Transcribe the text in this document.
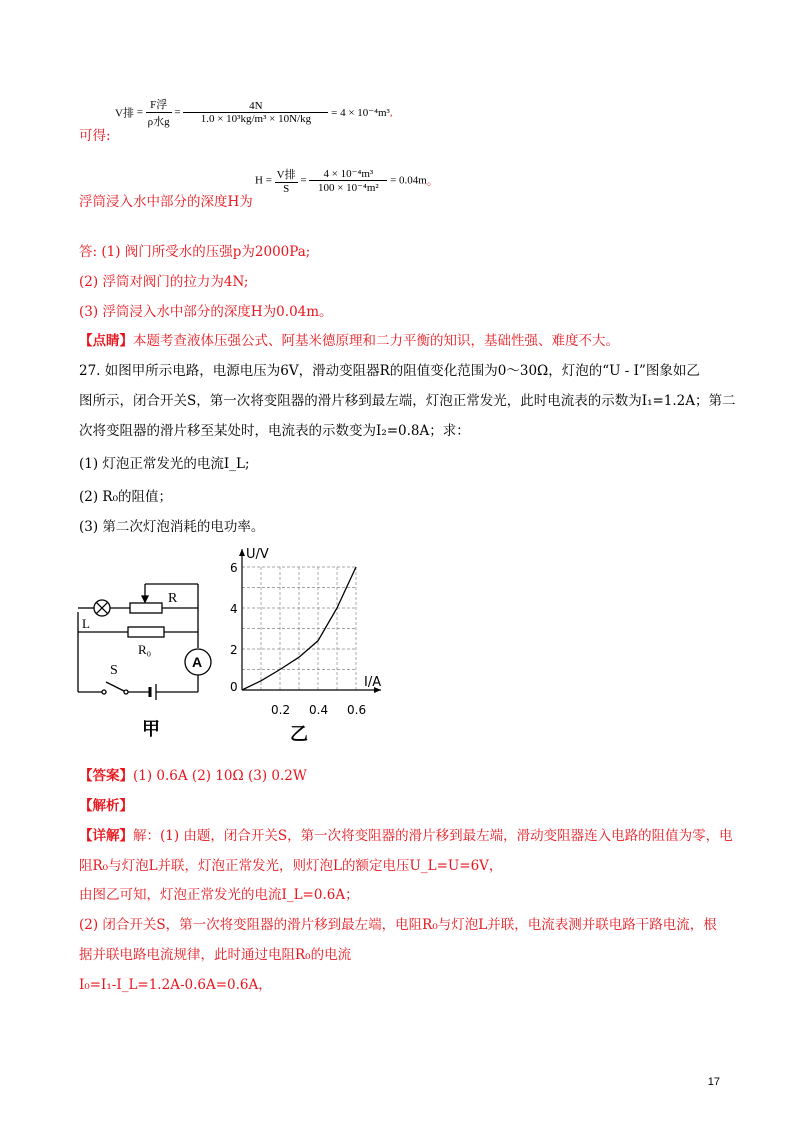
可得:
V排 = $\frac{\text{F浮}}{\text{ρ水g}} = \frac{4N}{\text{1.0 × 10³kg/m³ × 10N/kg}} = 4 \times 10^{-4}m^3$,
浮筒浸入水中部分的深度H为
$H = \frac{\text{V排}}{S} = \frac{\text{4 × 10⁻⁴m³}}{\text{100 × 10⁻⁴m²}} = 0.04m$。
答: (1) 阀门所受水的压强p为2000Pa;
(2) 浮筒对阀门的拉力为4N;
(3) 浮筒浸入水中部分的深度H为0.04m。
【点睛】本题考查液体压强公式、阿基米德原理和二力平衡的知识，基础性强、难度不大。
27. 如图甲所示电路，电源电压为6V，滑动变阻器R的阻值变化范围为0～30Ω，灯泡的“U - I”图象如乙
图所示，闭合开关S，第一次将变阻器的滑片移到最左端，灯泡正常发光，此时电流表的示数为I₁=1.2A；第二
次将变阻器的滑片移至某处时，电流表的示数变为I₂=0.8A；求：
(1) 灯泡正常发光的电流I_L;
(2) R₀的阻值；
(3) 第二次灯泡消耗的电功率。
R
L
R₀
S
A
甲
0.2 0.4 0.6
0
2
4
6
U/V
I/A
乙
【答案】(1) 0.6A (2) 10Ω (3) 0.2W
【解析】
【详解】解：(1) 由题，闭合开关S，第一次将变阻器的滑片移到最左端，滑动变阻器连入电路的阻值为零，电
阻R₀与灯泡L并联，灯泡正常发光，则灯泡L的额定电压U_L=U=6V，
由图乙可知，灯泡正常发光的电流I_L=0.6A；
(2) 闭合开关S，第一次将变阻器的滑片移到最左端，电阻R₀与灯泡L并联，电流表测并联电路干路电流，根
据并联电路电流规律，此时通过电阻R₀的电流
I₀=I₁-I_L=1.2A-0.6A=0.6A，
17
